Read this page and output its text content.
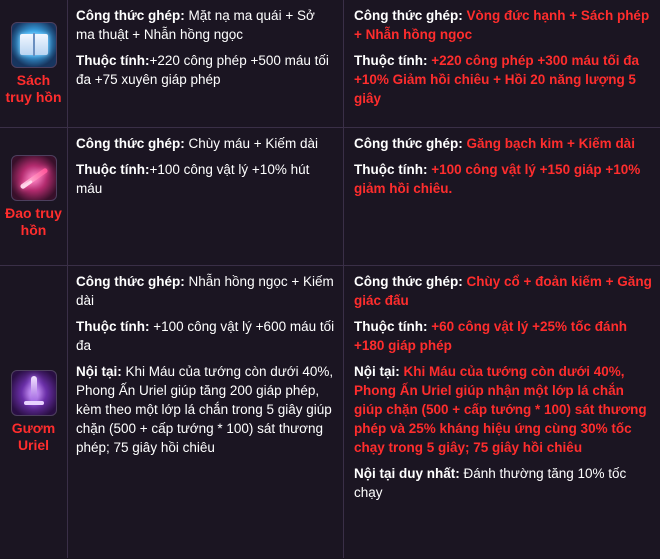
Sách truy hồn

Công thức ghép: Mặt nạ ma quái + Sở ma thuật + Nhẫn hồng ngọc

Thuộc tính:+220 công phép +500 máu tối đa +75 xuyên giáp phép

Công thức ghép: Vòng đức hạnh + Sách phép + Nhẫn hồng ngọc

Thuộc tính: +220 công phép +300 máu tối đa +10% Giảm hồi chiêu + Hồi 20 năng lượng 5 giây

Đao truy hồn

Công thức ghép: Chùy máu + Kiếm dài

Thuộc tính:+100 công vật lý +10% hút máu

Công thức ghép: Găng bạch kim + Kiếm dài

Thuộc tính: +100 công vật lý +150 giáp +10% giảm hồi chiêu.

Gươm Uriel

Công thức ghép: Nhẫn hồng ngọc + Kiếm dài

Thuộc tính: +100 công vật lý +600 máu tối đa

Nội tại: Khi Máu của tướng còn dưới 40%, Phong Ấn Uriel giúp tăng 200 giáp phép, kèm theo một lớp lá chắn trong 5 giây giúp chặn (500 + cấp tướng * 100) sát thương phép; 75 giây hồi chiêu

Công thức ghép: Chùy cổ + đoản kiếm + Găng giác đấu

Thuộc tính: +60 công vật lý +25% tốc đánh +180 giáp phép

Nội tại: Khi Máu của tướng còn dưới 40%, Phong Ấn Uriel giúp nhận một lớp lá chắn giúp chặn (500 + cấp tướng * 100) sát thương phép và 25% kháng hiệu ứng cùng 30% tốc chạy trong 5 giây; 75 giây hồi chiêu

Nội tại duy nhất: Đánh thường tăng 10% tốc chạy
